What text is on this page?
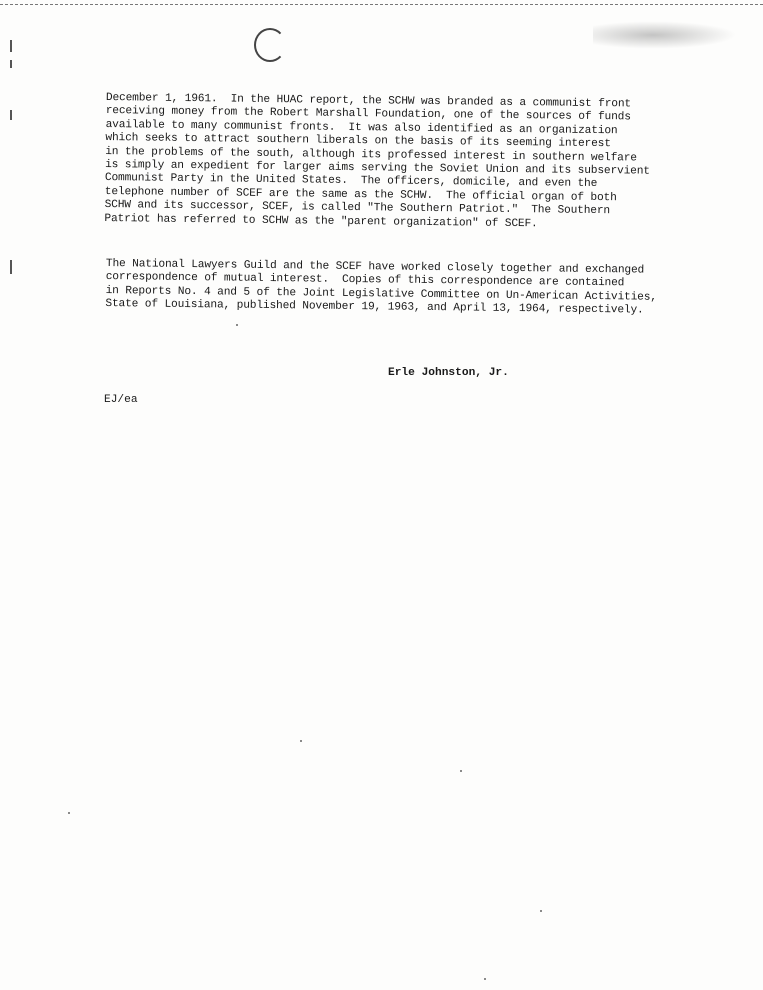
December 1, 1961.  In the HUAC report, the SCHW was branded as a communist front

receiving money from the Robert Marshall Foundation, one of the sources of funds

available to many communist fronts.  It was also identified as an organization

which seeks to attract southern liberals on the basis of its seeming interest

in the problems of the south, although its professed interest in southern welfare

is simply an expedient for larger aims serving the Soviet Union and its subservient

Communist Party in the United States.  The officers, domicile, and even the

telephone number of SCEF are the same as the SCHW.  The official organ of both

SCHW and its successor, SCEF, is called "The Southern Patriot."  The Southern

Patriot has referred to SCHW as the "parent organization" of SCEF.

The National Lawyers Guild and the SCEF have worked closely together and exchanged

correspondence of mutual interest.  Copies of this correspondence are contained

in Reports No. 4 and 5 of the Joint Legislative Committee on Un-American Activities,

State of Louisiana, published November 19, 1963, and April 13, 1964, respectively.

Erle Johnston, Jr.
EJ/ea
